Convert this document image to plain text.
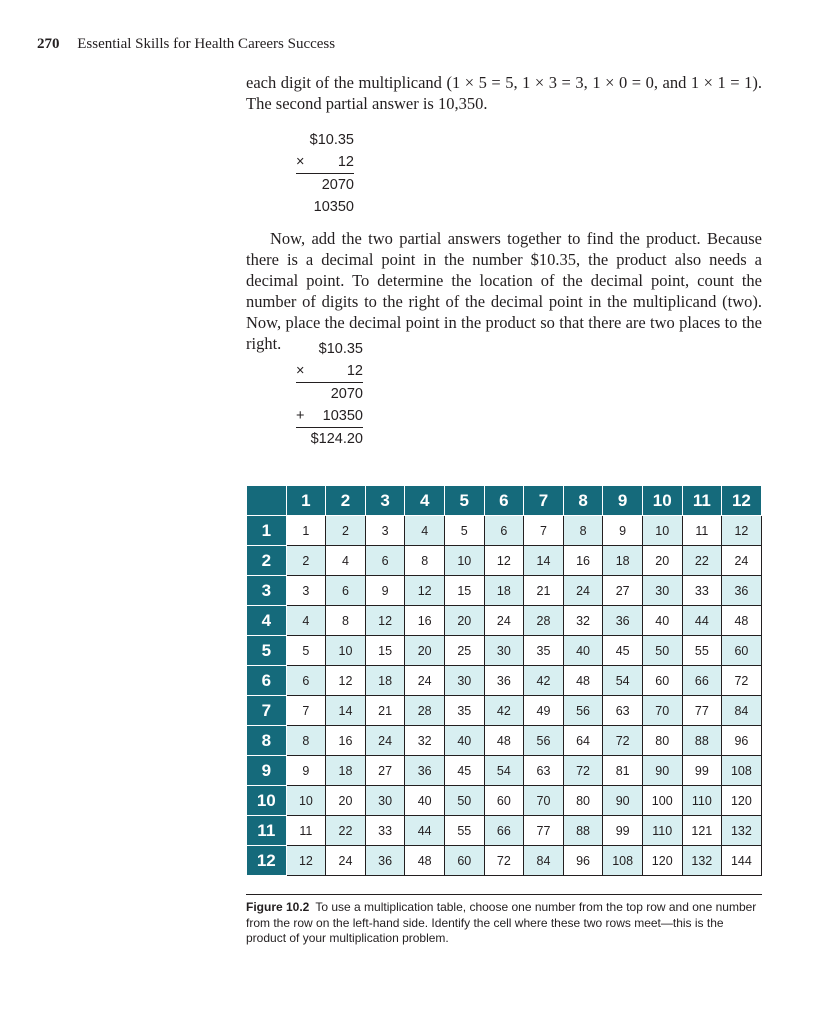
270 Essential Skills for Health Careers Success
each digit of the multiplicand (1 × 5 = 5, 1 × 3 = 3, 1 × 0 = 0, and 1 × 1 = 1). The second partial answer is 10,350.
$10.35
× 12
2070
10350
Now, add the two partial answers together to find the product. Because there is a decimal point in the number $10.35, the product also needs a decimal point. To determine the location of the decimal point, count the number of digits to the right of the decimal point in the multiplicand (two). Now, place the decimal point in the product so that there are two places to the right.	$10.35
×	12
2070
+ 10350
$124.20
	1	2	3	4	5	6	7	8	9	10	11	12
1	1	2	3	4	5	6	7	8	9	10	11	12
2	2	4	6	8	10	12	14	16	18	20	22	24
3	3	6	9	12	15	18	21	24	27	30	33	36
4	4	8	12	16	20	24	28	32	36	40	44	48
5	5	10	15	20	25	30	35	40	45	50	55	60
6	6	12	18	24	30	36	42	48	54	60	66	72
7	7	14	21	28	35	42	49	56	63	70	77	84
8	8	16	24	32	40	48	56	64	72	80	88	96
9	9	18	27	36	45	54	63	72	81	90	99	108
10	10	20	30	40	50	60	70	80	90	100	110	120
11	11	22	33	44	55	66	77	88	99	110	121	132
12	12	24	36	48	60	72	84	96	108	120	132	144
Figure 10.2 To use a multiplication table, choose one number from the top row and one number from the row on the left-hand side. Identify the cell where these two rows meet—this is the product of your multiplication problem.
